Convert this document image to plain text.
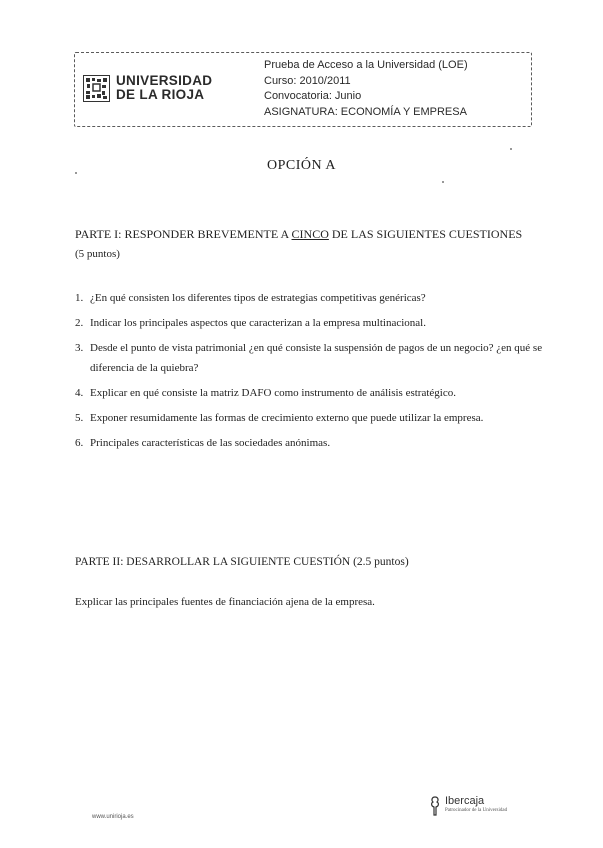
UNIVERSIDAD
DE LA RIOJA
Prueba de Acceso a la Universidad (LOE)
Curso: 2010/2011
Convocatoria: Junio
ASIGNATURA: ECONOMÍA Y EMPRESA
OPCIÓN A
PARTE I: RESPONDER BREVEMENTE A CINCO DE LAS SIGUIENTES CUESTIONES
(5 puntos)
1. ¿En qué consisten los diferentes tipos de estrategias competitivas genéricas?
2. Indicar los principales aspectos que caracterizan a la empresa multinacional.
3. Desde el punto de vista patrimonial ¿en qué consiste la suspensión de pagos de un negocio? ¿en qué se diferencia de la quiebra?
4. Explicar en qué consiste la matriz DAFO como instrumento de análisis estratégico.
5. Exponer resumidamente las formas de crecimiento externo que puede utilizar la empresa.
6. Principales características de las sociedades anónimas.
PARTE II: DESARROLLAR LA SIGUIENTE CUESTIÓN (2.5 puntos)
Explicar las principales fuentes de financiación ajena de la empresa.
www.unirioja.es
Ibercaja
Patrocinador de la Universidad
